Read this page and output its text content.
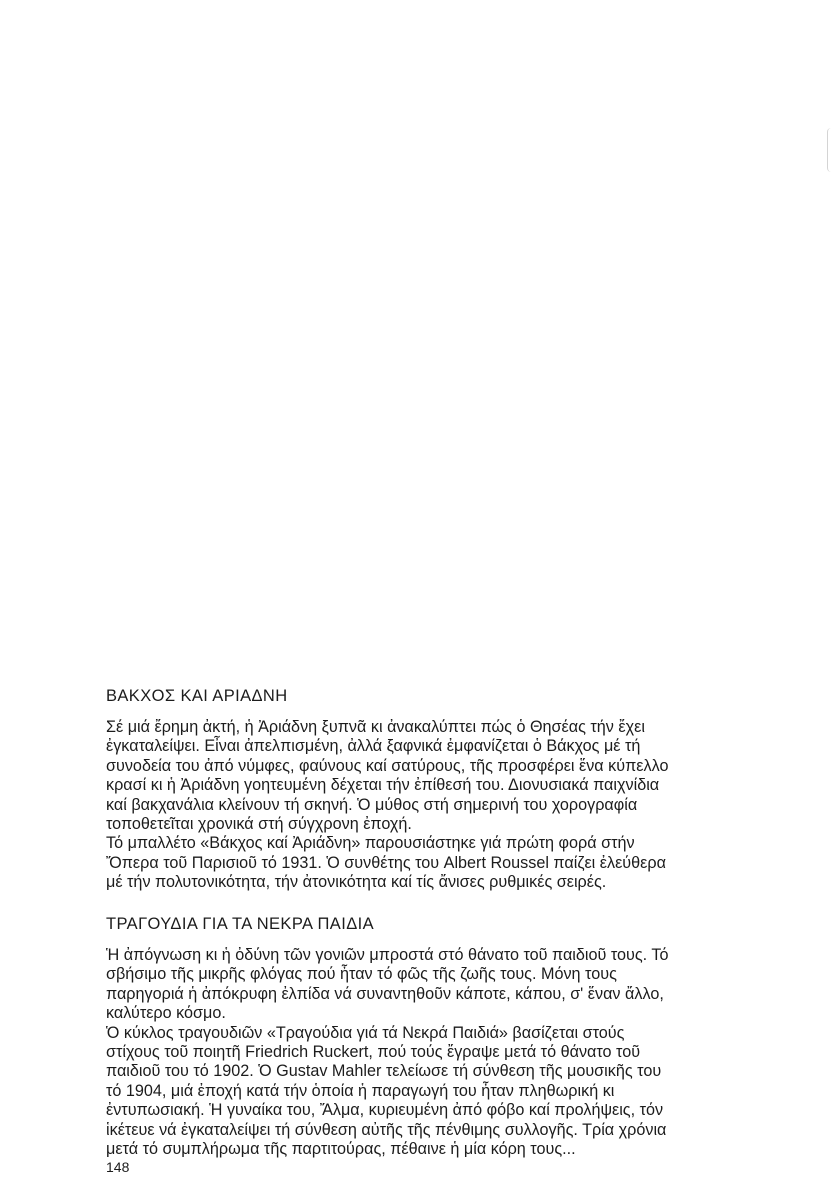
ΒΑΚΧΟΣ ΚΑΙ ΑΡΙΑΔΝΗ

Σέ μιά ἔρημη ἀκτή, ἡ Ἀριάδνη ξυπνᾶ κι ἀνακαλύπτει πώς ὁ Θησέας τήν ἔχει
ἐγκαταλείψει. Εἶναι ἀπελπισμένη, ἀλλά ξαφνικά ἐμφανίζεται ὁ Βάκχος μέ τή
συνοδεία του ἀπό νύμφες, φαύνους καί σατύρους, τῆς προσφέρει ἕνα κύπελλο
κρασί κι ἡ Ἀριάδνη γοητευμένη δέχεται τήν ἐπίθεσή του. Διονυσιακά παιχνίδια
καί βακχανάλια κλείνουν τή σκηνή. Ὁ μύθος στή σημερινή του χορογραφία
τοποθετεῖται χρονικά στή σύγχρονη ἐποχή.

Τό μπαλλέτο «Βάκχος καί Ἀριάδνη» παρουσιάστηκε γιά πρώτη φορά στήν
Ὄπερα τοῦ Παρισιοῦ τό 1931. Ὁ συνθέτης του Albert Roussel παίζει ἐλεύθερα
μέ τήν πολυτονικότητα, τήν ἀτονικότητα καί τίς ἄνισες ρυθμικές σειρές.

ΤΡΑΓΟΥΔΙΑ ΓΙΑ ΤΑ ΝΕΚΡΑ ΠΑΙΔΙΑ

Ἡ ἀπόγνωση κι ἡ ὀδύνη τῶν γονιῶν μπροστά στό θάνατο τοῦ παιδιοῦ τους. Τό
σβήσιμο τῆς μικρῆς φλόγας πού ἦταν τό φῶς τῆς ζωῆς τους. Μόνη τους
παρηγοριά ἡ ἀπόκρυφη ἐλπίδα νά συναντηθοῦν κάποτε, κάπου, σ' ἕναν ἄλλο,
καλύτερο κόσμο.

Ὁ κύκλος τραγουδιῶν «Τραγούδια γιά τά Νεκρά Παιδιά» βασίζεται στούς
στίχους τοῦ ποιητῆ Friedrich Ruckert, πού τούς ἔγραψε μετά τό θάνατο τοῦ
παιδιοῦ του τό 1902. Ὁ Gustav Mahler τελείωσε τή σύνθεση τῆς μουσικῆς του
τό 1904, μιά ἐποχή κατά τήν ὁποία ἡ παραγωγή του ἦταν πληθωρική κι
ἐντυπωσιακή. Ἡ γυναίκα του, Ἄλμα, κυριευμένη ἀπό φόβο καί προλήψεις, τόν
ἱκέτευε νά ἐγκαταλείψει τή σύνθεση αὐτῆς τῆς πένθιμης συλλογῆς. Τρία χρόνια
μετά τό συμπλήρωμα τῆς παρτιτούρας, πέθαινε ἡ μία κόρη τους...

148
